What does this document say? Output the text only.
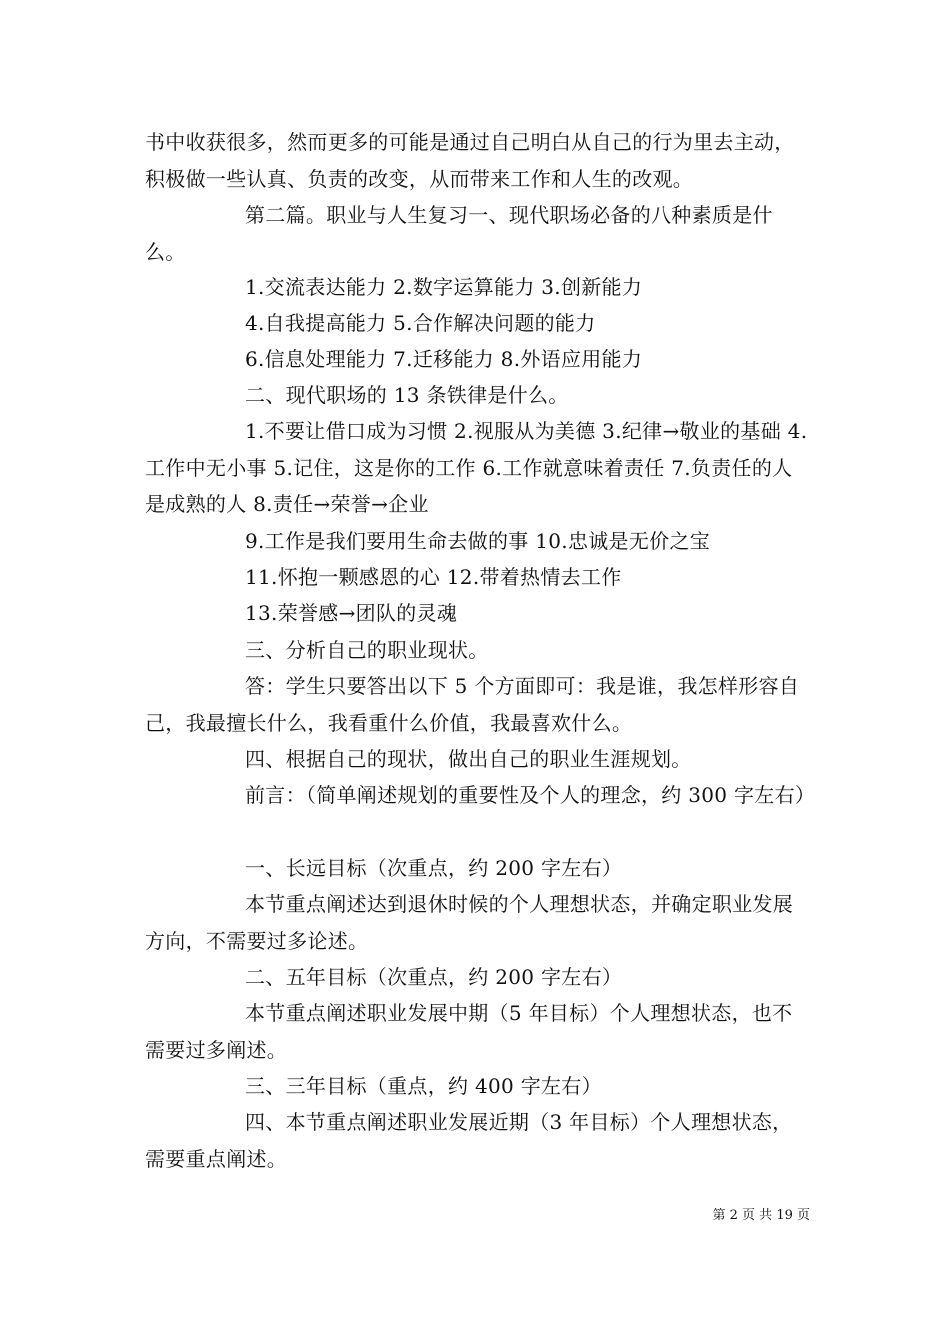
书中收获很多，然而更多的可能是通过自己明白从自己的行为里去主动，积极做一些认真、负责的改变，从而带来工作和人生的改观。

第二篇。职业与人生复习一、现代职场必备的八种素质是什么。

1.交流表达能力 2.数字运算能力 3.创新能力

4.自我提高能力 5.合作解决问题的能力

6.信息处理能力 7.迁移能力 8.外语应用能力

二、现代职场的 13 条铁律是什么。

1.不要让借口成为习惯 2.视服从为美德 3.纪律→敬业的基础 4.工作中无小事 5.记住，这是你的工作 6.工作就意味着责任 7.负责任的人是成熟的人 8.责任→荣誉→企业

9.工作是我们要用生命去做的事 10.忠诚是无价之宝

11.怀抱一颗感恩的心 12.带着热情去工作

13.荣誉感→团队的灵魂

三、分析自己的职业现状。

答：学生只要答出以下 5 个方面即可：我是谁，我怎样形容自己，我最擅长什么，我看重什么价值，我最喜欢什么。

四、根据自己的现状，做出自己的职业生涯规划。

前言：（简单阐述规划的重要性及个人的理念，约 300 字左右）

一、长远目标（次重点，约 200 字左右）

本节重点阐述达到退休时候的个人理想状态，并确定职业发展方向，不需要过多论述。

二、五年目标（次重点，约 200 字左右）

本节重点阐述职业发展中期（5 年目标）个人理想状态，也不需要过多阐述。

三、三年目标（重点，约 400 字左右）

四、本节重点阐述职业发展近期（3 年目标）个人理想状态，需要重点阐述。

第 2 页 共 19 页
